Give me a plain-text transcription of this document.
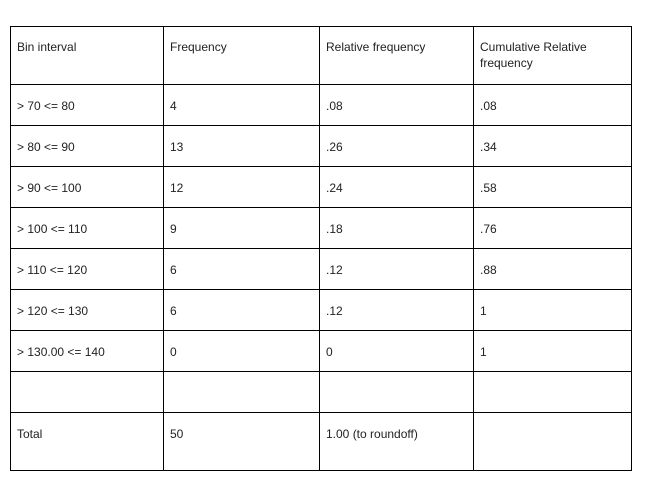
Bin interval	Frequency	Relative frequency	Cumulative Relative frequency
> 70 <= 80	4	.08	.08
> 80 <= 90	13	.26	.34
> 90 <= 100	12	.24	.58
> 100 <= 110	9	.18	.76
> 110 <= 120	6	.12	.88
> 120 <= 130	6	.12	1
> 130.00 <= 140	0	0	1

Total	50	1.00 (to roundoff)	
